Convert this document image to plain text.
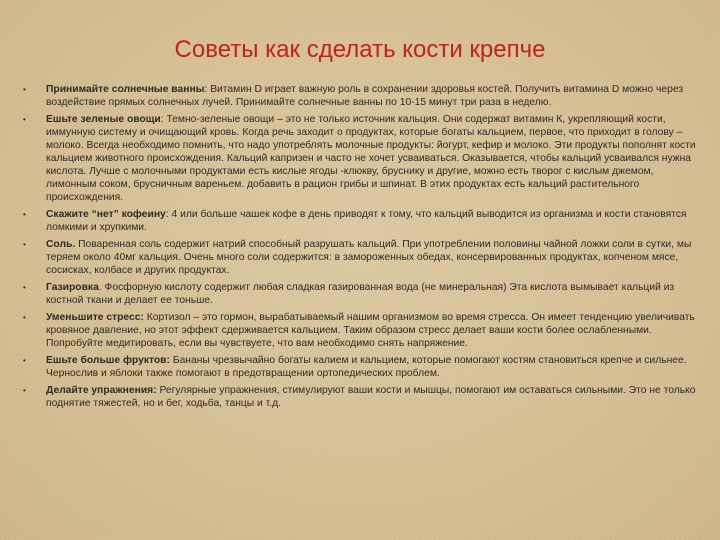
Советы как сделать кости крепче
• Принимайте солнечные ванны: Витамин D играет важную роль в сохранении здоровья костей. Получить витамина D можно через воздействие прямых солнечных лучей. Принимайте солнечные ванны по 10-15 минут три раза в неделю.
• Ешьте зеленые овощи: Темно-зеленые овощи – это не только источник кальция. Они содержат витамин К, укрепляющий кости, иммунную систему и очищающий кровь. Когда речь заходит о продуктах, которые богаты кальцием, первое, что приходит в голову – молоко. Всегда необходимо помнить, что надо употреблять молочные продукты: йогурт, кефир и молоко. Эти продукты пополнят кости кальцием животного происхождения. Кальций капризен и часто не хочет усваиваться. Оказывается, чтобы кальций усваивался нужна кислота. Лучше с молочными продуктами есть кислые ягоды -клюкву, бруснику и другие, можно есть творог с кислым джемом, лимонным соком, брусничным вареньем. добавить в рацион грибы и шпинат. В этих продуктах есть кальций растительного происхождения.
• Скажите “нет” кофеину: 4 или больше чашек кофе в день приводят к тому, что кальций выводится из организма и кости становятся ломкими и хрупкими.
• Соль. Поваренная соль содержит натрий способный разрушать кальций. При употреблении половины чайной ложки соли в сутки, мы теряем около 40мг кальция. Очень много соли содержится: в замороженных обедах, консервированных продуктах, копченом мясе, сосисках, колбасе и других продуктах.
• Газировка. Фосфорную кислоту содержит любая сладкая газированная вода (не минеральная) Эта кислота вымывает кальций из костной ткани и делает ее тоньше.
• Уменьшите стресс: Кортизол – это гормон, вырабатываемый нашим организмом во время стресса. Он имеет тенденцию увеличивать кровяное давление, но этот эффект сдерживается кальцием. Таким образом стресс делает ваши кости более ослабленными. Попробуйте медитировать, если вы чувствуете, что вам необходимо снять напряжение.
• Ешьте больше фруктов: Бананы чрезвычайно богаты калием и кальцием, которые помогают костям становиться крепче и сильнее. Чернослив и яблоки также помогают в предотвращении ортопедических проблем.
• Делайте упражнения: Регулярные упражнения, стимулируют ваши кости и мышцы, помогают им оставаться сильными. Это не только поднятие тяжестей, но и бег, ходьба, танцы и т.д.
